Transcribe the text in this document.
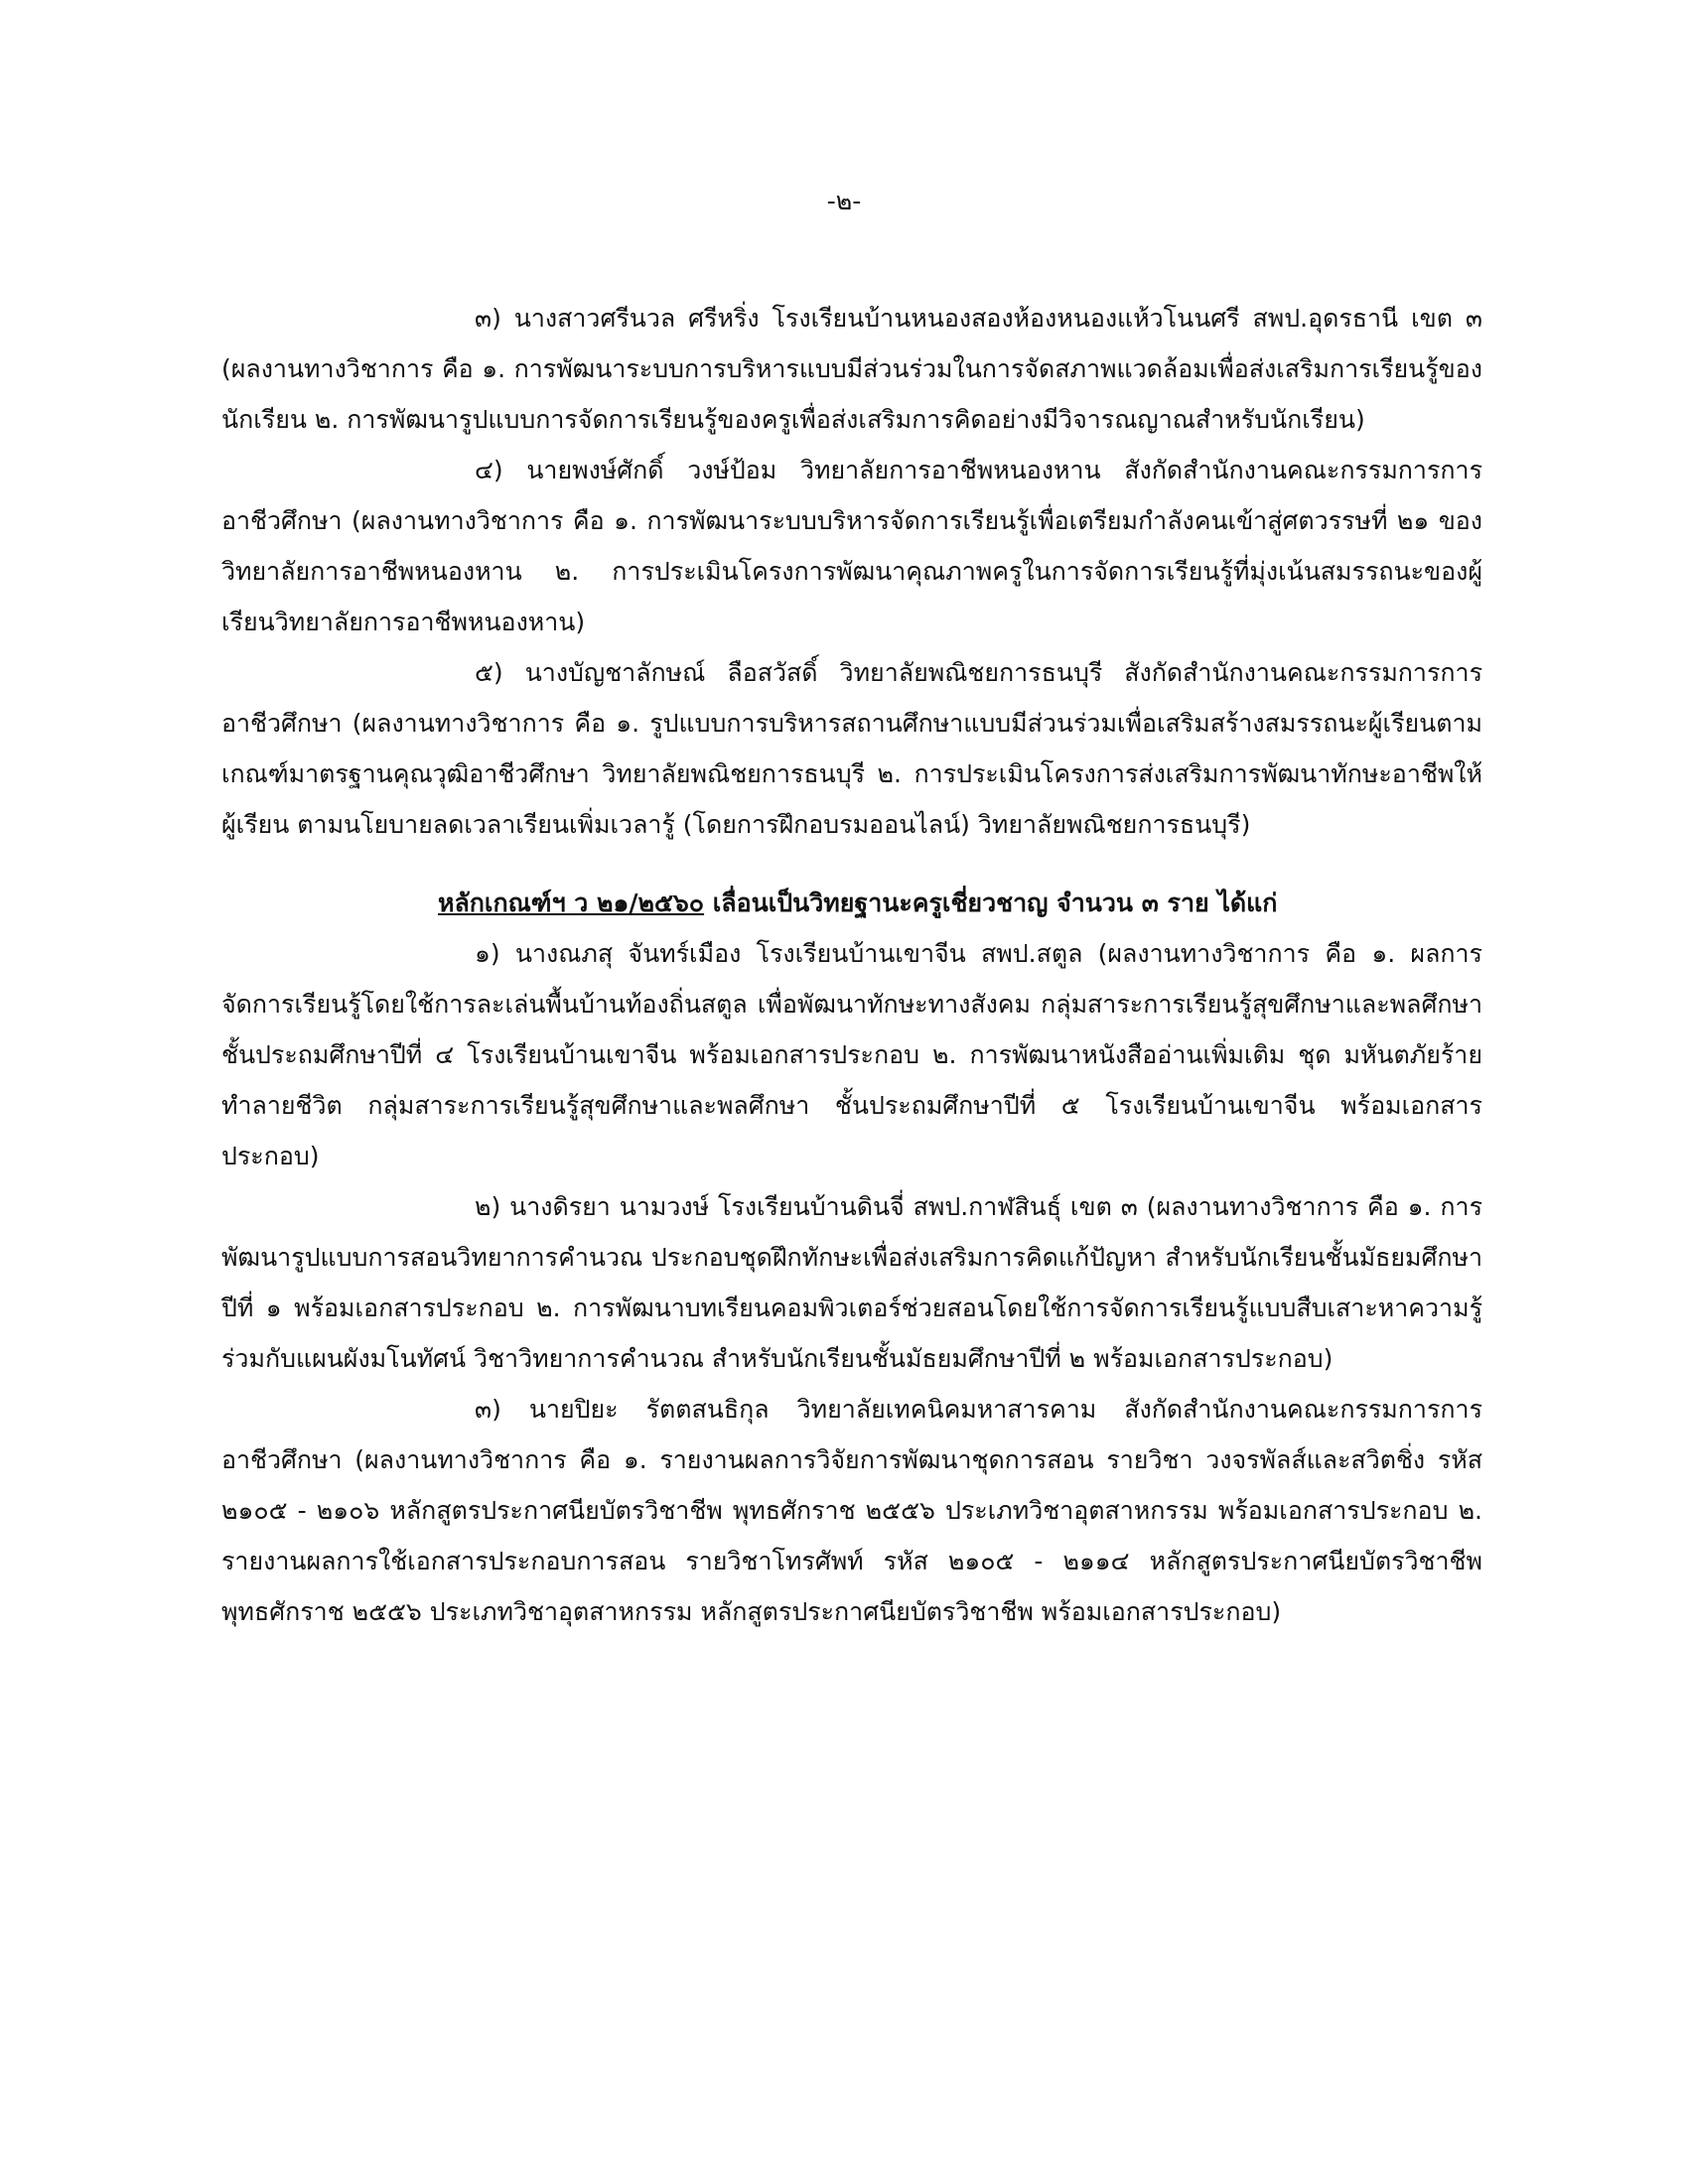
-๒-

๓) นางสาวศรีนวล ศรีหริ่ง โรงเรียนบ้านหนองสองห้องหนองแห้วโนนศรี สพป.อุดรธานี เขต ๓ (ผลงานทางวิชาการ คือ ๑. การพัฒนาระบบการบริหารแบบมีส่วนร่วมในการจัดสภาพแวดล้อมเพื่อส่งเสริมการเรียนรู้ของนักเรียน ๒. การพัฒนารูปแบบการจัดการเรียนรู้ของครูเพื่อส่งเสริมการคิดอย่างมีวิจารณญาณสำหรับนักเรียน)

๔) นายพงษ์ศักดิ์ วงษ์ป้อม วิทยาลัยการอาชีพหนองหาน สังกัดสำนักงานคณะกรรมการการอาชีวศึกษา (ผลงานทางวิชาการ คือ ๑. การพัฒนาระบบบริหารจัดการเรียนรู้เพื่อเตรียมกำลังคนเข้าสู่ศตวรรษที่ ๒๑ ของวิทยาลัยการอาชีพหนองหาน ๒. การประเมินโครงการพัฒนาคุณภาพครูในการจัดการเรียนรู้ที่มุ่งเน้นสมรรถนะของผู้เรียนวิทยาลัยการอาชีพหนองหาน)

๕) นางบัญชาลักษณ์ ลือสวัสดิ์ วิทยาลัยพณิชยการธนบุรี สังกัดสำนักงานคณะกรรมการการอาชีวศึกษา (ผลงานทางวิชาการ คือ ๑. รูปแบบการบริหารสถานศึกษาแบบมีส่วนร่วมเพื่อเสริมสร้างสมรรถนะผู้เรียนตามเกณฑ์มาตรฐานคุณวุฒิอาชีวศึกษา วิทยาลัยพณิชยการธนบุรี ๒. การประเมินโครงการส่งเสริมการพัฒนาทักษะอาชีพให้ผู้เรียน ตามนโยบายลดเวลาเรียนเพิ่มเวลารู้ (โดยการฝึกอบรมออนไลน์) วิทยาลัยพณิชยการธนบุรี)

หลักเกณฑ์ฯ ว ๒๑/๒๕๖๐ เลื่อนเป็นวิทยฐานะครูเชี่ยวชาญ จำนวน ๓ ราย ได้แก่

๑) นางณภสุ จันทร์เมือง โรงเรียนบ้านเขาจีน สพป.สตูล (ผลงานทางวิชาการ คือ ๑. ผลการจัดการเรียนรู้โดยใช้การละเล่นพื้นบ้านท้องถิ่นสตูล เพื่อพัฒนาทักษะทางสังคม กลุ่มสาระการเรียนรู้สุขศึกษาและพลศึกษา ชั้นประถมศึกษาปีที่ ๔ โรงเรียนบ้านเขาจีน พร้อมเอกสารประกอบ ๒. การพัฒนาหนังสืออ่านเพิ่มเติม ชุด มหันตภัยร้าย ทำลายชีวิต กลุ่มสาระการเรียนรู้สุขศึกษาและพลศึกษา ชั้นประถมศึกษาปีที่ ๕ โรงเรียนบ้านเขาจีน พร้อมเอกสารประกอบ)

๒) นางดิรยา นามวงษ์ โรงเรียนบ้านดินจี่ สพป.กาฬสินธุ์ เขต ๓ (ผลงานทางวิชาการ คือ ๑. การพัฒนารูปแบบการสอนวิทยาการคำนวณ ประกอบชุดฝึกทักษะเพื่อส่งเสริมการคิดแก้ปัญหา สำหรับนักเรียนชั้นมัธยมศึกษาปีที่ ๑ พร้อมเอกสารประกอบ ๒. การพัฒนาบทเรียนคอมพิวเตอร์ช่วยสอนโดยใช้การจัดการเรียนรู้แบบสืบเสาะหาความรู้ร่วมกับแผนผังมโนทัศน์ วิชาวิทยาการคำนวณ สำหรับนักเรียนชั้นมัธยมศึกษาปีที่ ๒ พร้อมเอกสารประกอบ)

๓) นายปิยะ รัตตสนธิกุล วิทยาลัยเทคนิคมหาสารคาม สังกัดสำนักงานคณะกรรมการการอาชีวศึกษา (ผลงานทางวิชาการ คือ ๑. รายงานผลการวิจัยการพัฒนาชุดการสอน รายวิชา วงจรพัลส์และสวิตชิ่ง รหัส ๒๑๐๕ - ๒๑๐๖ หลักสูตรประกาศนียบัตรวิชาชีพ พุทธศักราช ๒๕๕๖ ประเภทวิชาอุตสาหกรรม พร้อมเอกสารประกอบ ๒. รายงานผลการใช้เอกสารประกอบการสอน รายวิชาโทรศัพท์ รหัส ๒๑๐๕ - ๒๑๑๔ หลักสูตรประกาศนียบัตรวิชาชีพ พุทธศักราช ๒๕๕๖ ประเภทวิชาอุตสาหกรรม หลักสูตรประกาศนียบัตรวิชาชีพ พร้อมเอกสารประกอบ)
